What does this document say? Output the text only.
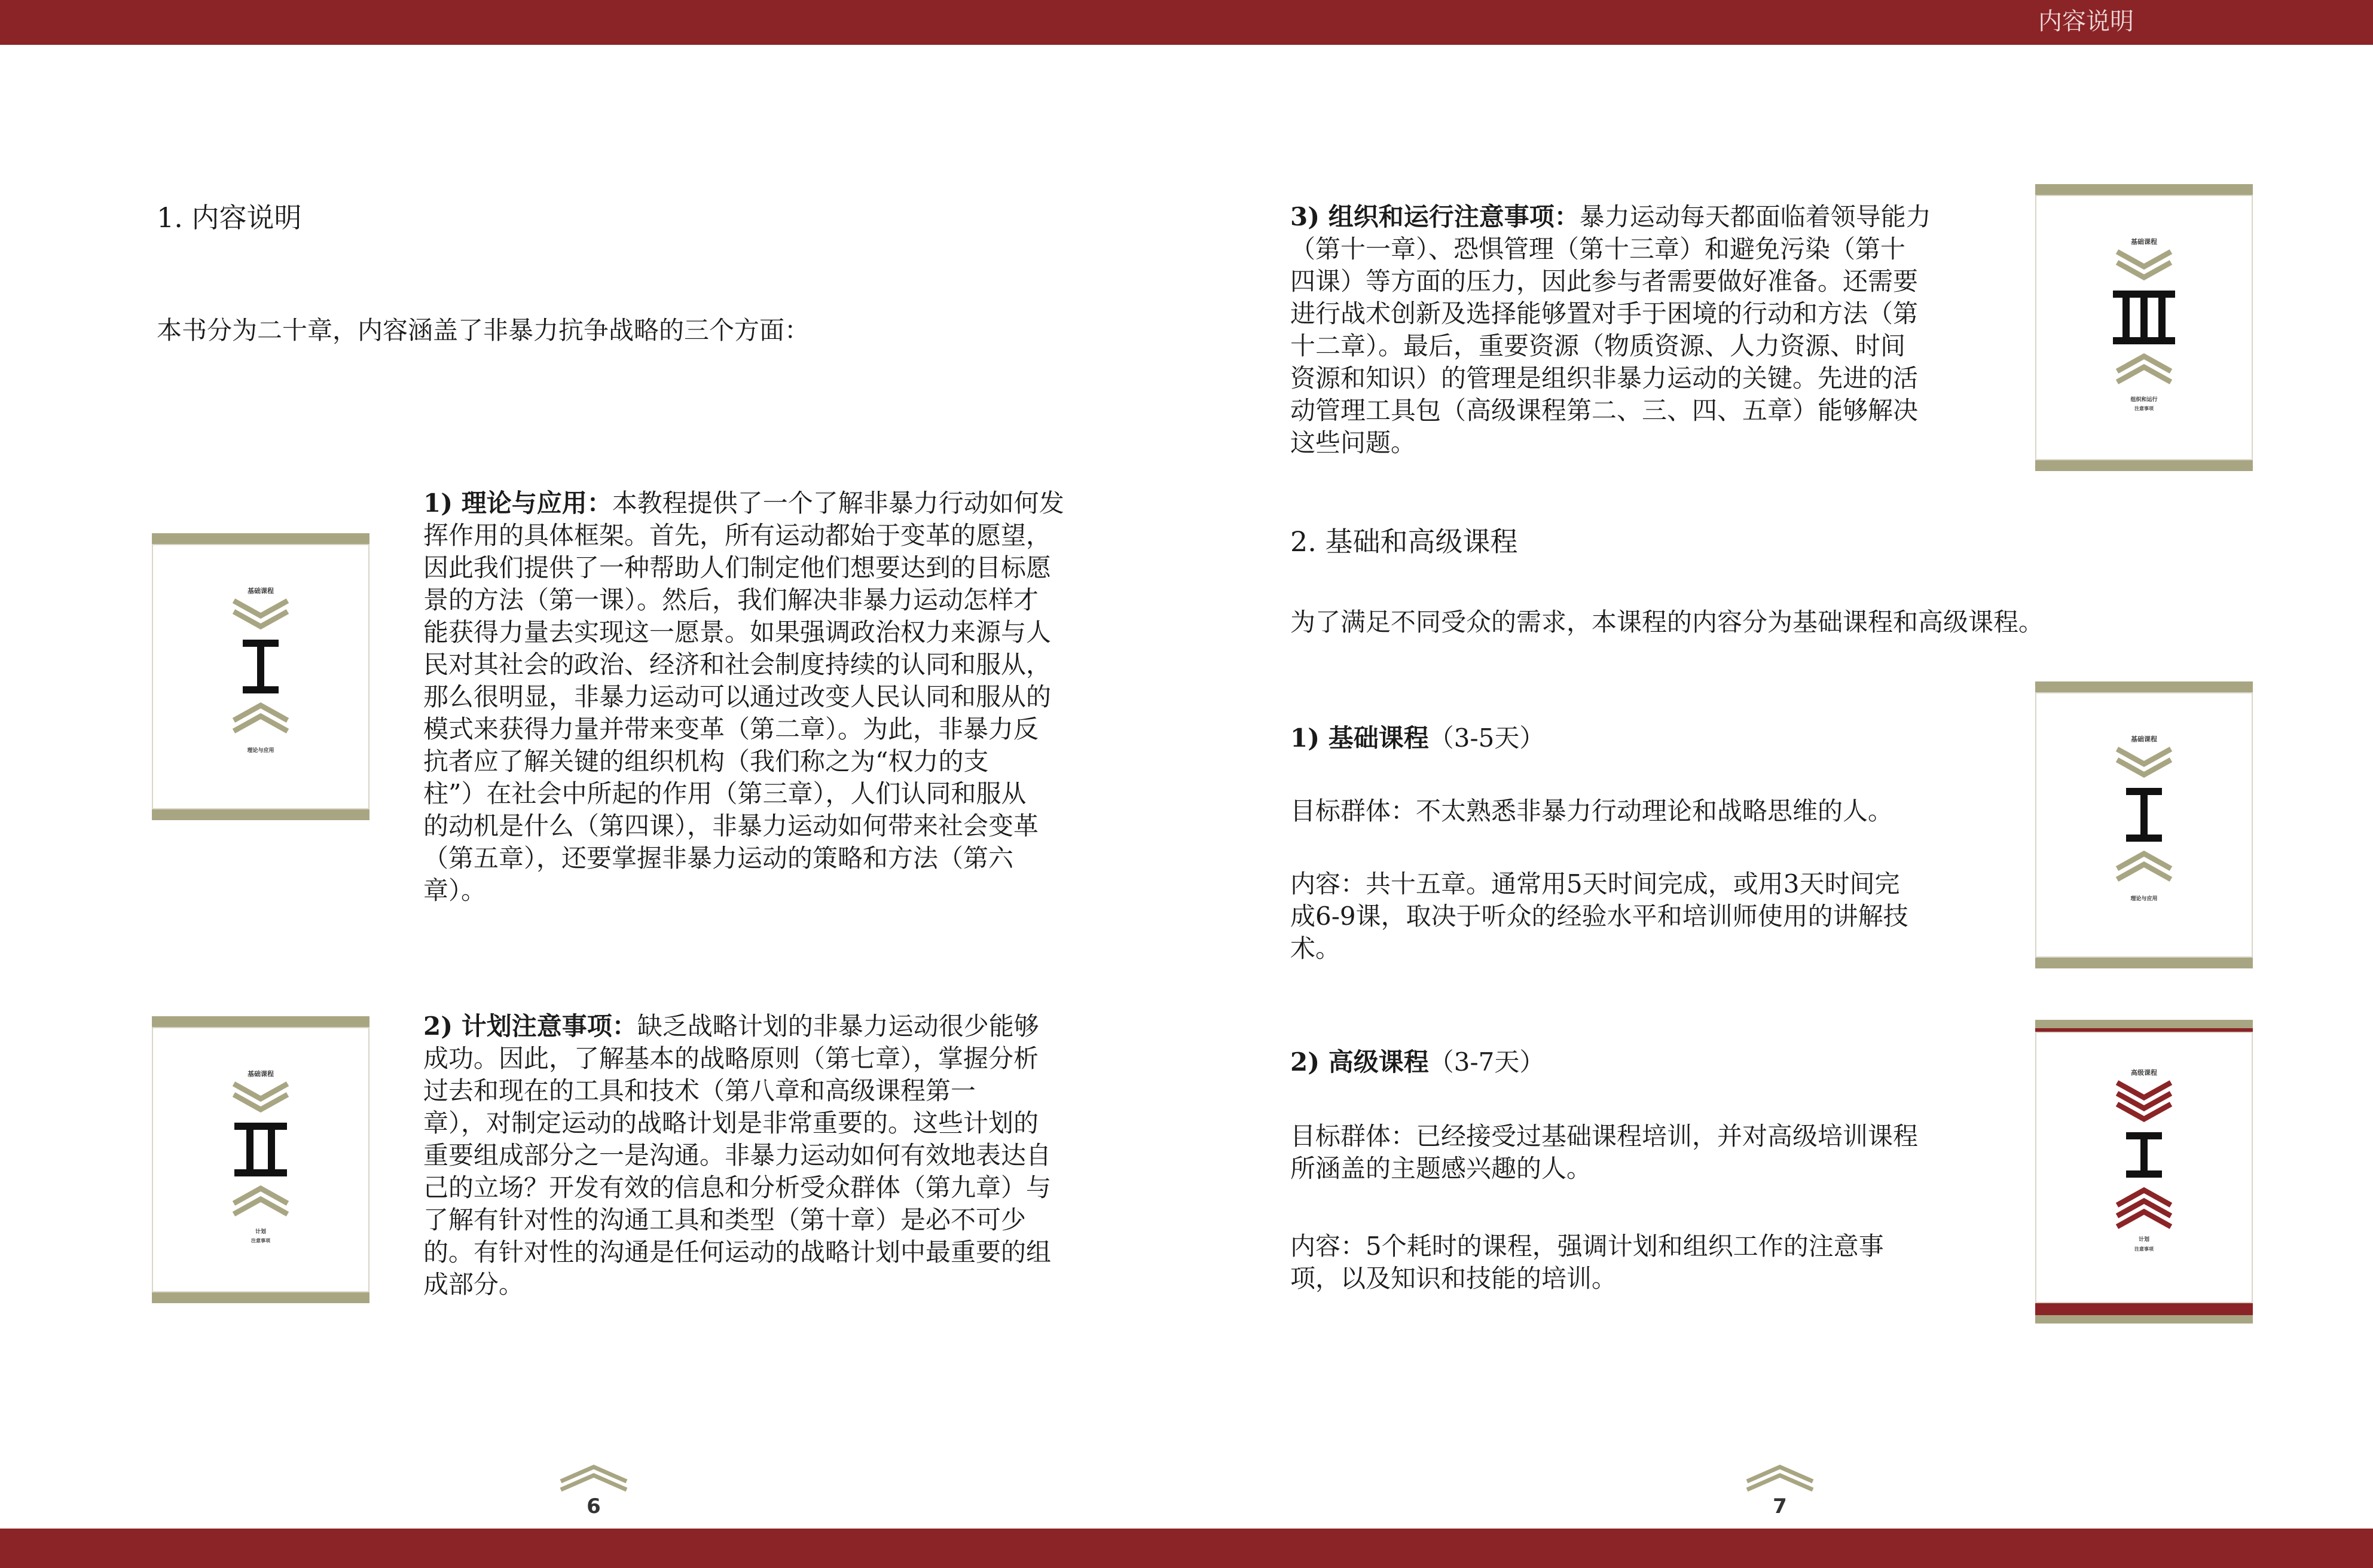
内容说明
1. 内容说明
本书分为二十章，内容涵盖了非暴力抗争战略的三个方面：
1) 理论与应用：本教程提供了一个了解非暴力行动如何发
挥作用的具体框架。首先，所有运动都始于变革的愿望，
因此我们提供了一种帮助人们制定他们想要达到的目标愿
景的方法（第一课）。然后，我们解决非暴力运动怎样才
能获得力量去实现这一愿景。如果强调政治权力来源与人
民对其社会的政治、经济和社会制度持续的认同和服从，
那么很明显，非暴力运动可以通过改变人民认同和服从的
模式来获得力量并带来变革（第二章）。为此，非暴力反
抗者应了解关键的组织机构（我们称之为“权力的支
柱”）在社会中所起的作用（第三章），人们认同和服从
的动机是什么（第四课），非暴力运动如何带来社会变革
（第五章），还要掌握非暴力运动的策略和方法（第六
章）。
2) 计划注意事项：缺乏战略计划的非暴力运动很少能够
成功。因此，了解基本的战略原则（第七章），掌握分析
过去和现在的工具和技术（第八章和高级课程第一
章），对制定运动的战略计划是非常重要的。这些计划的
重要组成部分之一是沟通。非暴力运动如何有效地表达自
己的立场？开发有效的信息和分析受众群体（第九章）与
了解有针对性的沟通工具和类型（第十章）是必不可少
的。有针对性的沟通是任何运动的战略计划中最重要的组
成部分。
基础课程
理论与应用
基础课程
计划
注意事项
6
3) 组织和运行注意事项：暴力运动每天都面临着领导能力
（第十一章）、恐惧管理（第十三章）和避免污染（第十
四课）等方面的压力，因此参与者需要做好准备。还需要
进行战术创新及选择能够置对手于困境的行动和方法（第
十二章）。最后，重要资源（物质资源、人力资源、时间
资源和知识）的管理是组织非暴力运动的关键。先进的活
动管理工具包（高级课程第二、三、四、五章）能够解决
这些问题。
2. 基础和高级课程
为了满足不同受众的需求，本课程的内容分为基础课程和高级课程。
1) 基础课程（3-5天）
目标群体：不太熟悉非暴力行动理论和战略思维的人。
内容：共十五章。通常用5天时间完成，或用3天时间完
成6-9课，取决于听众的经验水平和培训师使用的讲解技
术。
2) 高级课程（3-7天）
目标群体：已经接受过基础课程培训，并对高级培训课程
所涵盖的主题感兴趣的人。
内容：5个耗时的课程，强调计划和组织工作的注意事
项，以及知识和技能的培训。
基础课程
组织和运行
注意事项
基础课程
理论与应用
高级课程
计划
注意事项
7
